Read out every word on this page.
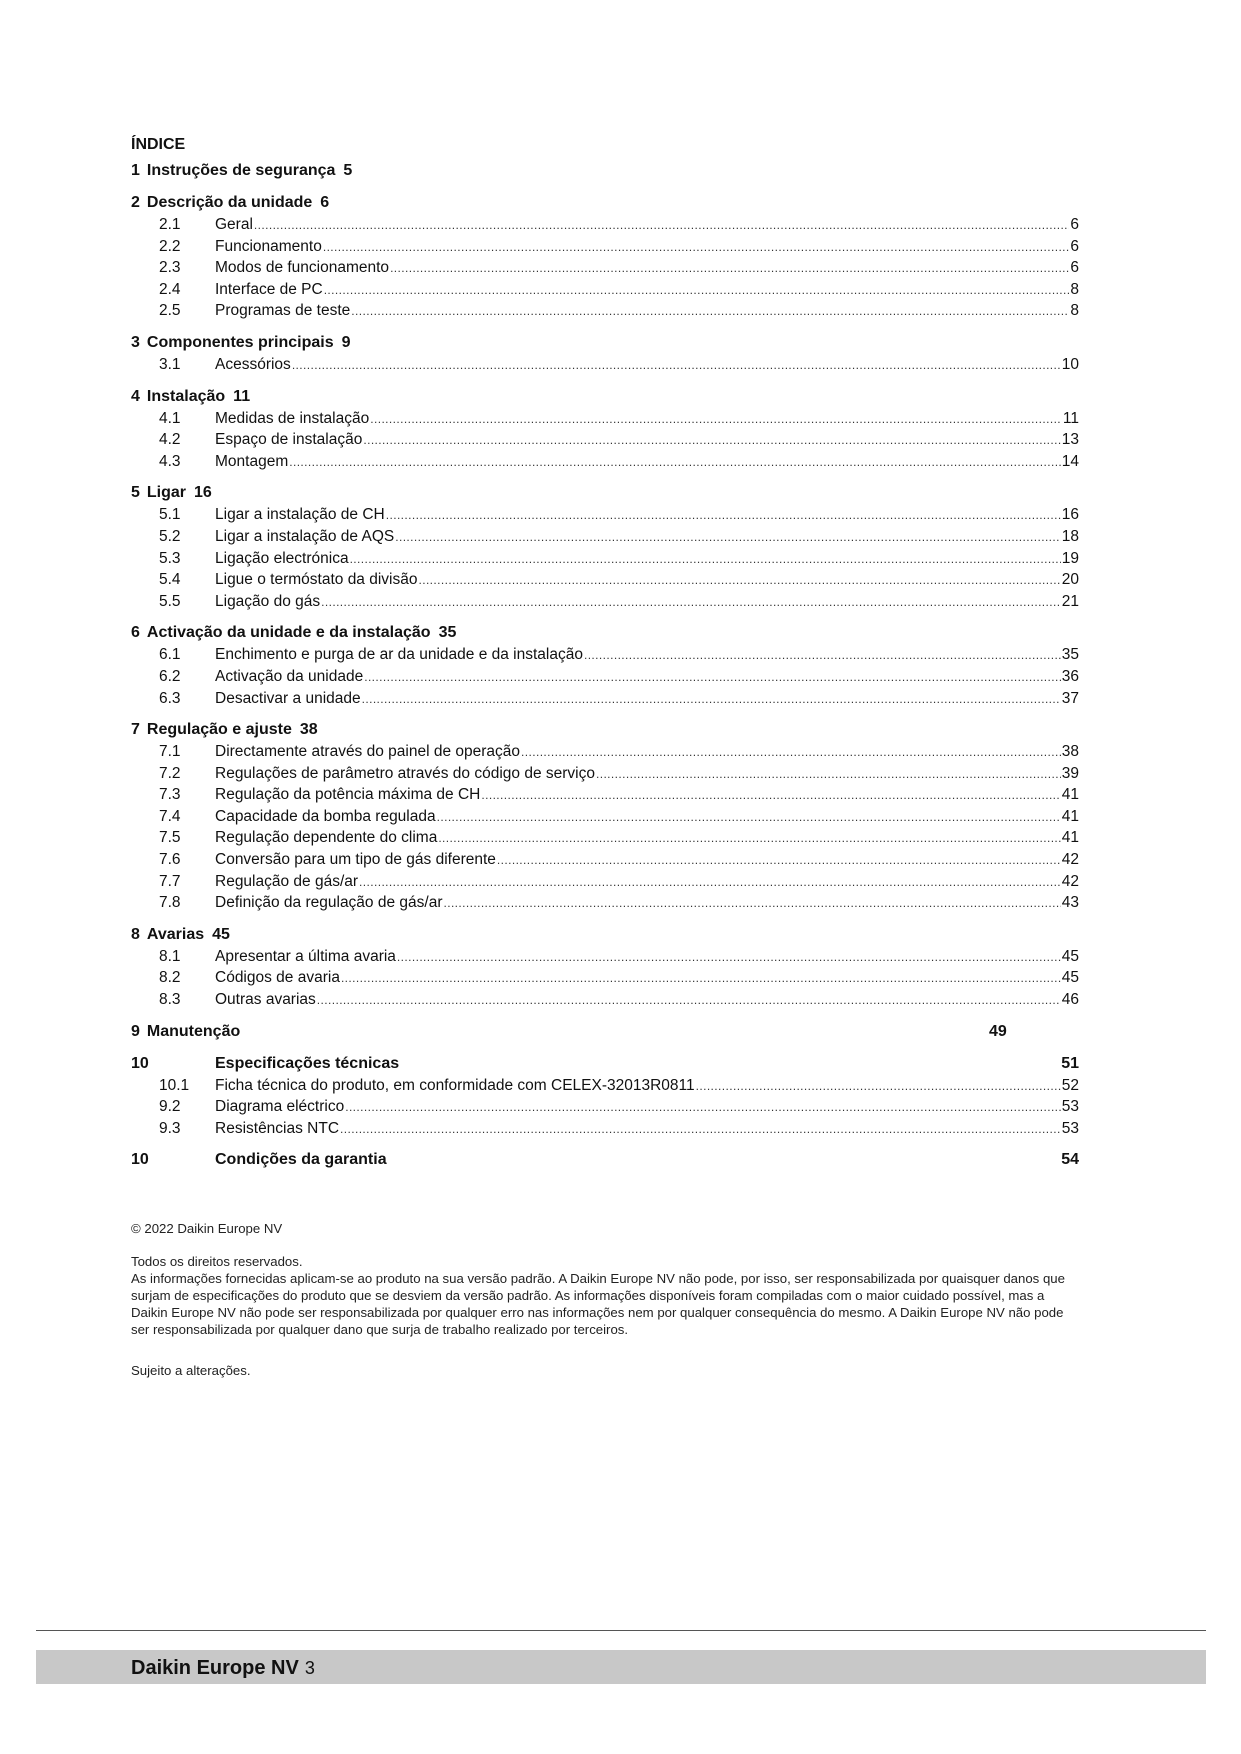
ÍNDICE
1 Instruções de segurança 5
2 Descrição da unidade 6
2.1	Geral .....	6
2.2	Funcionamento .....	6
2.3	Modos de funcionamento .....	6
2.4	Interface de PC .....	8
2.5	Programas de teste .....	8
3 Componentes principais 9
3.1	Acessórios .....	10
4 Instalação 11
4.1	Medidas de instalação .....	11
4.2	Espaço de instalação .....	13
4.3	Montagem .....	14
5 Ligar 16
5.1	Ligar a instalação de CH .....	16
5.2	Ligar a instalação de AQS .....	18
5.3	Ligação electrónica .....	19
5.4	Ligue o termóstato da divisão .....	20
5.5	Ligação do gás .....	21
6 Activação da unidade e da instalação 35
6.1	Enchimento e purga de ar da unidade e da instalação .....	35
6.2	Activação da unidade .....	36
6.3	Desactivar a unidade .....	37
7 Regulação e ajuste 38
7.1	Directamente através do painel de operação .....	38
7.2	Regulações de parâmetro através do código de serviço .....	39
7.3	Regulação da potência máxima de CH .....	41
7.4	Capacidade da bomba regulada .....	41
7.5	Regulação dependente do clima .....	41
7.6	Conversão para um tipo de gás diferente .....	42
7.7	Regulação de gás/ar .....	42
7.8	Definição da regulação de gás/ar .....	43
8 Avarias 45
8.1	Apresentar a última avaria .....	45
8.2	Códigos de avaria .....	45
8.3	Outras avarias .....	46
9 Manutenção	49
10	Especificações técnicas	51
10.1	Ficha técnica do produto, em conformidade com CELEX-32013R0811 .....	52
9.2	Diagrama eléctrico .....	53
9.3	Resistências NTC .....	53
10	Condições da garantia	54

© 2022 Daikin Europe NV

Todos os direitos reservados.

As informações fornecidas aplicam-se ao produto na sua versão padrão. A Daikin Europe NV não pode, por isso, ser responsabilizada por quaisquer danos que surjam de especificações do produto que se desviem da versão padrão. As informações disponíveis foram compiladas com o maior cuidado possível, mas a Daikin Europe NV não pode ser responsabilizada por qualquer erro nas informações nem por qualquer consequência do mesmo. A Daikin Europe NV não pode ser responsabilizada por qualquer dano que surja de trabalho realizado por terceiros.

Sujeito a alterações.

Daikin Europe NV 3
